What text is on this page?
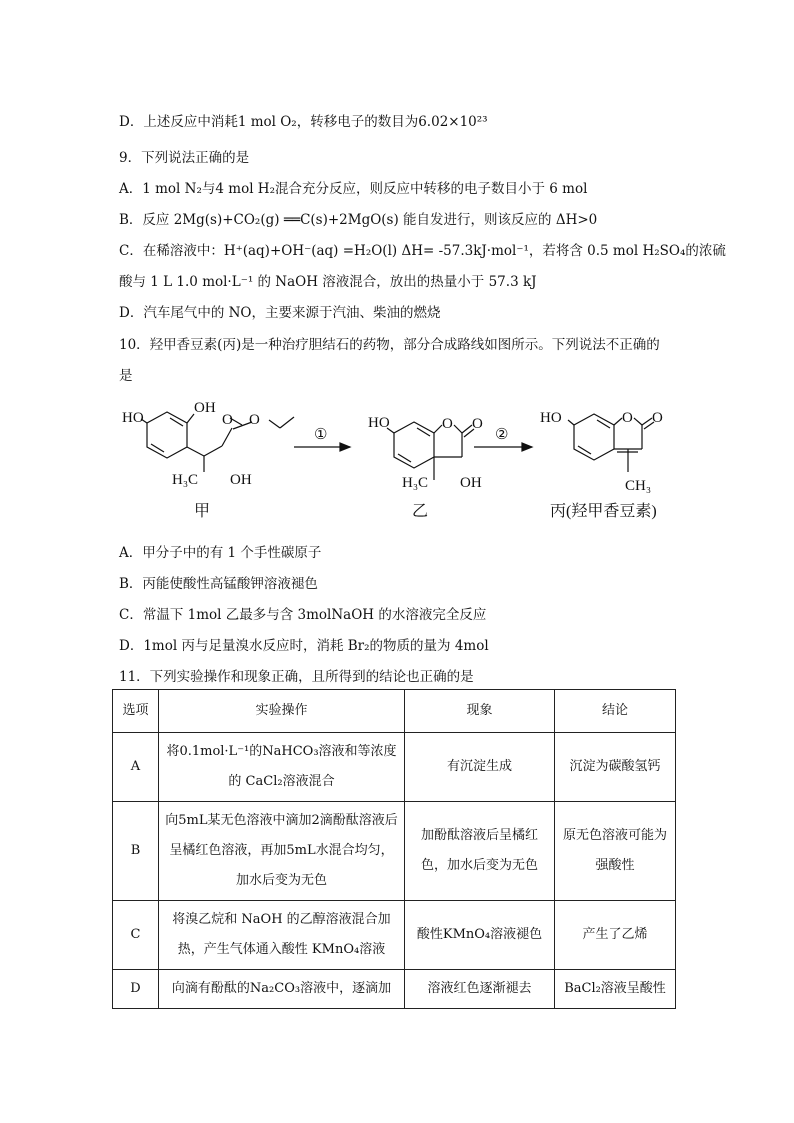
D．上述反应中消耗1 mol O₂，转移电子的数目为6.02×10²³
9．下列说法正确的是
A．1 mol N₂与4 mol H₂混合充分反应，则反应中转移的电子数目小于 6 mol
B．反应 2Mg(s)+CO₂(g) ══C(s)+2MgO(s) 能自发进行，则该反应的 ΔH>0
C．在稀溶液中：H⁺(aq)+OH⁻(aq) =H₂O(l) ΔH= -57.3kJ·mol⁻¹，若将含 0.5 mol H₂SO₄的浓硫
酸与 1 L 1.0 mol·L⁻¹ 的 NaOH 溶液混合，放出的热量小于 57.3 kJ
D．汽车尾气中的 NO，主要来源于汽油、柴油的燃烧
10．羟甲香豆素(丙)是一种治疗胆结石的药物，部分合成路线如图所示。下列说法不正确的
是
HO
OH
O
O
H₃C OH
①
HO	O O
H₃C OH
②
HO	O O
CH₃
甲	乙	丙(羟甲香豆素)
A．甲分子中的有 1 个手性碳原子
B．丙能使酸性高锰酸钾溶液褪色
C．常温下 1mol 乙最多与含 3molNaOH 的水溶液完全反应
D．1mol 丙与足量溴水反应时，消耗 Br₂的物质的量为 4mol
11．下列实验操作和现象正确，且所得到的结论也正确的是
选项	实验操作	现象	结论
A	将0.1mol·L⁻¹的NaHCO₃溶液和等浓度的 CaCl₂溶液混合	有沉淀生成	沉淀为碳酸氢钙
B	向5mL某无色溶液中滴加2滴酚酞溶液后呈橘红色溶液，再加5mL水混合均匀，加水后变为无色	加酚酞溶液后呈橘红色，加水后变为无色	原无色溶液可能为强酸性
C	将溴乙烷和 NaOH 的乙醇溶液混合加热，产生气体通入酸性 KMnO₄溶液	酸性KMnO₄溶液褪色	产生了乙烯
D	向滴有酚酞的Na₂CO₃溶液中，逐滴加	溶液红色逐渐褪去	BaCl₂溶液呈酸性
